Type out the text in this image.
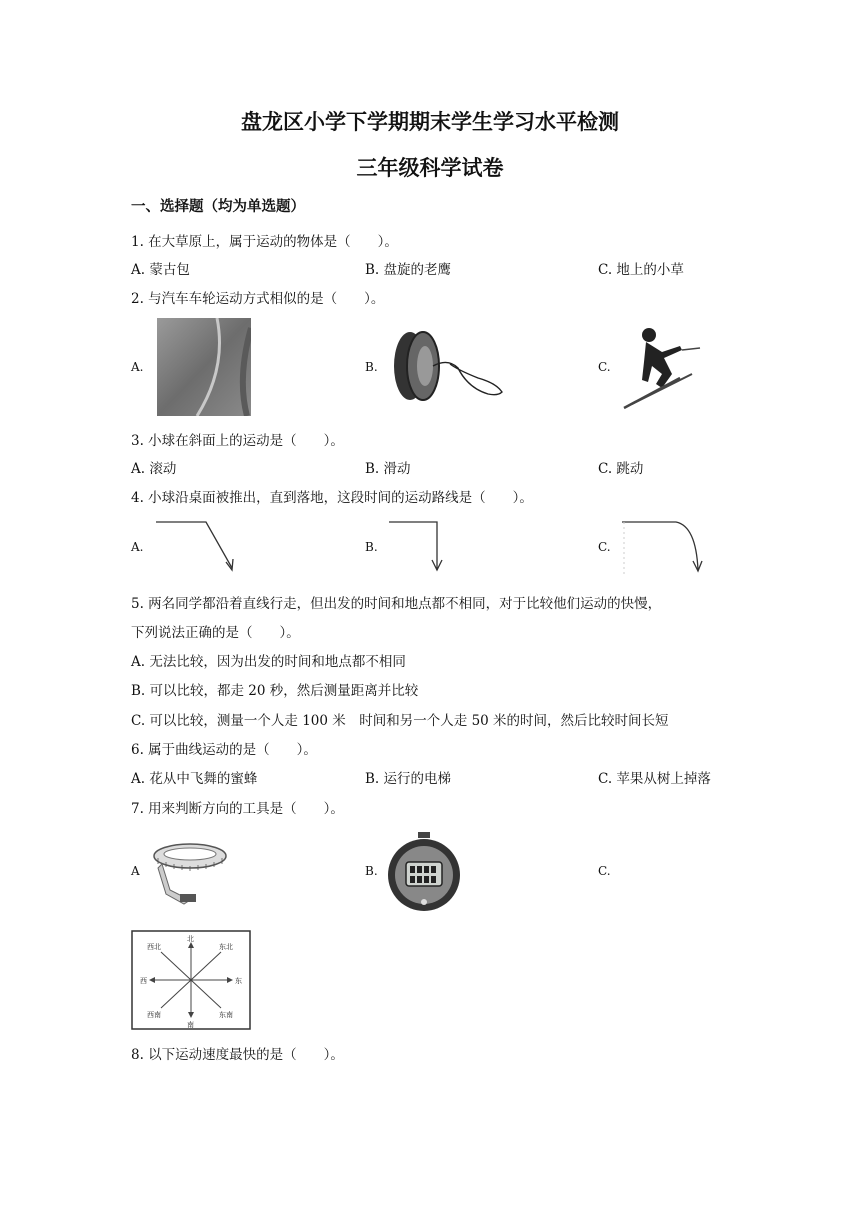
盘龙区小学下学期期末学生学习水平检测
三年级科学试卷
一、选择题（均为单选题）
1. 在大草原上，属于运动的物体是（　　）。
A. 蒙古包	B. 盘旋的老鹰	C. 地上的小草
2. 与汽车车轮运动方式相似的是（　　）。
A.	B.	C.
3. 小球在斜面上的运动是（　　）。
A. 滚动	B. 滑动	C. 跳动
4. 小球沿桌面被推出，直到落地，这段时间的运动路线是（　　）。
A.	B.	C.
5. 两名同学都沿着直线行走，但出发的时间和地点都不相同，对于比较他们运动的快慢，
下列说法正确的是（　　）。
A. 无法比较，因为出发的时间和地点都不相同
B. 可以比较，都走 20 秒，然后测量距离并比较
C. 可以比较，测量一个人走 100 米　时间和另一个人走 50 米的时间，然后比较时间长短
6. 属于曲线运动的是（　　）。
A. 花从中飞舞的蜜蜂	B. 运行的电梯	C. 苹果从树上掉落
7. 用来判断方向的工具是（　　）。
A	B.	C.
北
南
东
西
东北
西北
东南
西南
8. 以下运动速度最快的是（　　）。
